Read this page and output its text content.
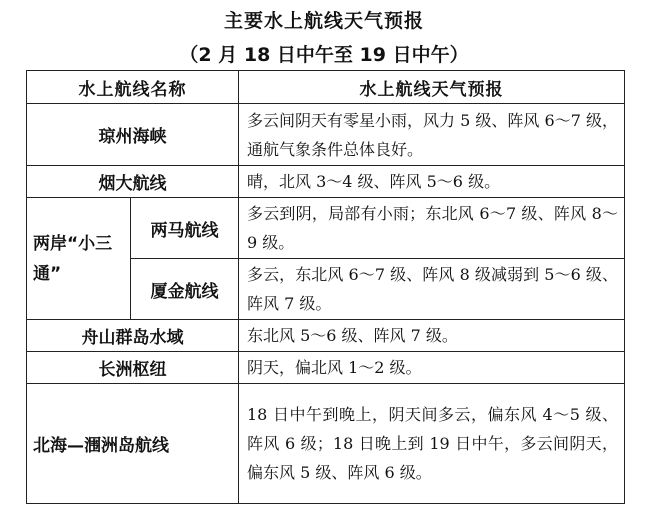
主要水上航线天气预报
（2 月 18 日中午至 19 日中午）
水上航线名称		水上航线天气预报
琼州海峡		多云间阴天有零星小雨，风力 5 级、阵风 6～7 级，通航气象条件总体良好。
烟大航线		晴，北风 3～4 级、阵风 5～6 级。
两岸“小三通”	两马航线	多云到阴，局部有小雨；东北风 6～7 级、阵风 8～9 级。
	厦金航线	多云，东北风 6～7 级、阵风 8 级减弱到 5～6 级、阵风 7 级。
舟山群岛水域		东北风 5～6 级、阵风 7 级。
长洲枢纽		阴天，偏北风 1～2 级。
北海—涠洲岛航线		18 日中午到晚上，阴天间多云，偏东风 4～5 级、阵风 6 级；18 日晚上到 19 日中午，多云间阴天，偏东风 5 级、阵风 6 级。
